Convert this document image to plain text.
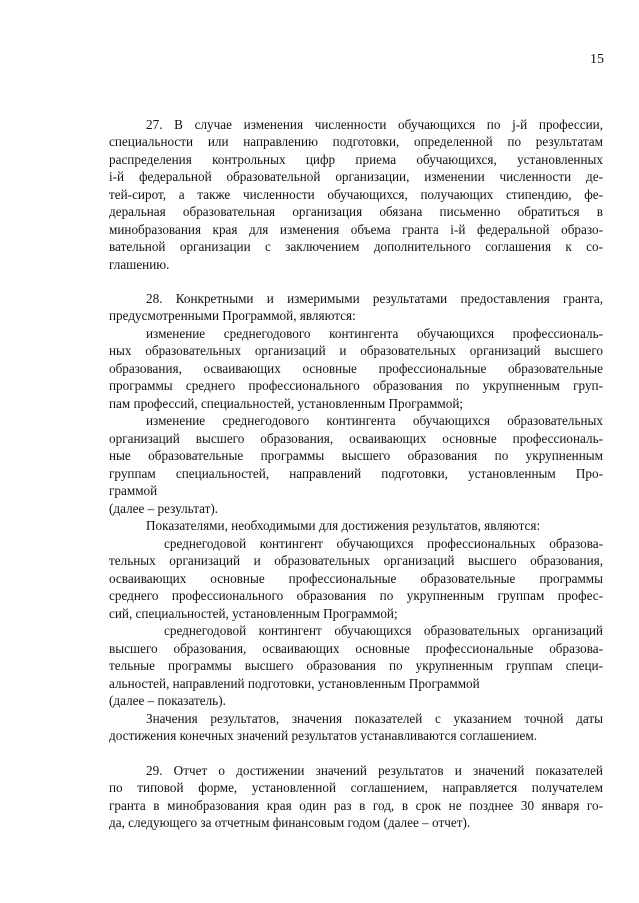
15
27. В случае изменения численности обучающихся по j-й профессии,
специальности или направлению подготовки, определенной по результатам
распределения контрольных цифр приема обучающихся, установленных
i-й федеральной образовательной организации, изменении численности де-
тей-сирот, а также численности обучающихся, получающих стипендию, фе-
деральная образовательная организация обязана письменно обратиться в
минобразования края для изменения объема гранта i-й федеральной образо-
вательной организации с заключением дополнительного соглашения к со-
глашению.
28. Конкретными и измеримыми результатами предоставления гранта,
предусмотренными Программой, являются:
изменение среднегодового контингента обучающихся профессиональ-
ных образовательных организаций и образовательных организаций высшего
образования, осваивающих основные профессиональные образовательные
программы среднего профессионального образования по укрупненным груп-
пам профессий, специальностей, установленным Программой;
изменение среднегодового контингента обучающихся образовательных
организаций высшего образования, осваивающих основные профессиональ-
ные образовательные программы высшего образования по укрупненным
группам специальностей, направлений подготовки, установленным Про-
граммой
(далее – результат).
Показателями, необходимыми для достижения результатов, являются:
среднегодовой контингент обучающихся профессиональных образова-
тельных организаций и образовательных организаций высшего образования,
осваивающих основные профессиональные образовательные программы
среднего профессионального образования по укрупненным группам профес-
сий, специальностей, установленным Программой;
среднегодовой контингент обучающихся образовательных организаций
высшего образования, осваивающих основные профессиональные образова-
тельные программы высшего образования по укрупненным группам специ-
альностей, направлений подготовки, установленным Программой
(далее – показатель).
Значения результатов, значения показателей с указанием точной даты
достижения конечных значений результатов устанавливаются соглашением.
29. Отчет о достижении значений результатов и значений показателей
по типовой форме, установленной соглашением, направляется получателем
гранта в минобразования края один раз в год, в срок не позднее 30 января го-
да, следующего за отчетным финансовым годом (далее – отчет).
